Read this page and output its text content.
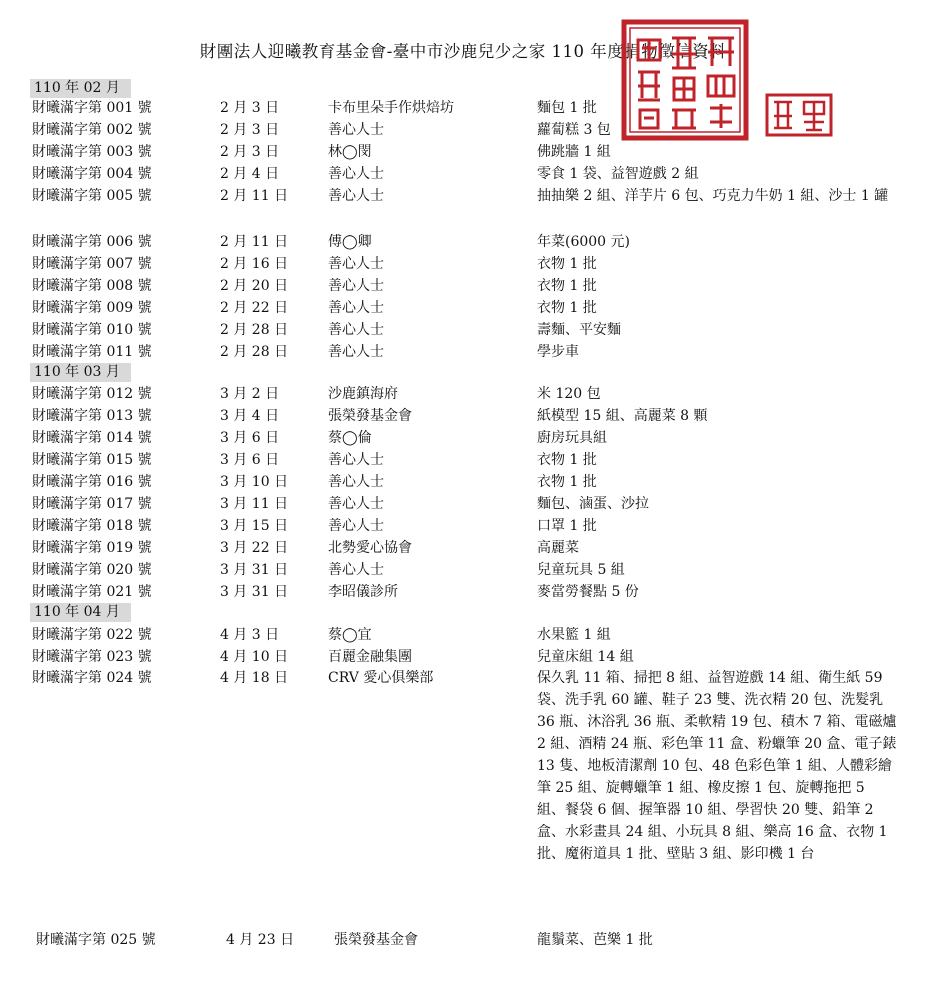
財團法人迎曦教育基金會-臺中市沙鹿兒少之家 110 年度捐物徵信資料
110 年 02 月
財曦滿字第 001 號	2 月 3 日	卡布里朵手作烘焙坊	麵包 1 批
財曦滿字第 002 號	2 月 3 日	善心人士	蘿蔔糕 3 包
財曦滿字第 003 號	2 月 3 日	林◯閔	佛跳牆 1 組
財曦滿字第 004 號	2 月 4 日	善心人士	零食 1 袋、益智遊戲 2 組
財曦滿字第 005 號	2 月 11 日	善心人士	抽抽樂 2 組、洋芋片 6 包、巧克力牛奶 1 組、沙士 1 罐
財曦滿字第 006 號	2 月 11 日	傅◯卿	年菜(6000 元)
財曦滿字第 007 號	2 月 16 日	善心人士	衣物 1 批
財曦滿字第 008 號	2 月 20 日	善心人士	衣物 1 批
財曦滿字第 009 號	2 月 22 日	善心人士	衣物 1 批
財曦滿字第 010 號	2 月 28 日	善心人士	壽麵、平安麵
財曦滿字第 011 號	2 月 28 日	善心人士	學步車
110 年 03 月
財曦滿字第 012 號	3 月 2 日	沙鹿鎮海府	米 120 包
財曦滿字第 013 號	3 月 4 日	張榮發基金會	紙模型 15 組、高麗菜 8 顆
財曦滿字第 014 號	3 月 6 日	蔡◯倫	廚房玩具組
財曦滿字第 015 號	3 月 6 日	善心人士	衣物 1 批
財曦滿字第 016 號	3 月 10 日	善心人士	衣物 1 批
財曦滿字第 017 號	3 月 11 日	善心人士	麵包、滷蛋、沙拉
財曦滿字第 018 號	3 月 15 日	善心人士	口罩 1 批
財曦滿字第 019 號	3 月 22 日	北勢愛心協會	高麗菜
財曦滿字第 020 號	3 月 31 日	善心人士	兒童玩具 5 組
財曦滿字第 021 號	3 月 31 日	李昭儀診所	麥當勞餐點 5 份
110 年 04 月
財曦滿字第 022 號	4 月 3 日	蔡◯宜	水果籃 1 組
財曦滿字第 023 號	4 月 10 日	百麗金融集團	兒童床組 14 組
財曦滿字第 024 號	4 月 18 日	CRV 愛心俱樂部	保久乳 11 箱、掃把 8 組、益智遊戲 14 組、衛生紙 59 袋、洗手乳 60 罐、鞋子 23 雙、洗衣精 20 包、洗髮乳 36 瓶、沐浴乳 36 瓶、柔軟精 19 包、積木 7 箱、電磁爐 2 組、酒精 24 瓶、彩色筆 11 盒、粉蠟筆 20 盒、電子錶 13 隻、地板清潔劑 10 包、48 色彩色筆 1 組、人體彩繪筆 25 組、旋轉蠟筆 1 組、橡皮擦 1 包、旋轉拖把 5 組、餐袋 6 個、握筆器 10 組、學習快 20 雙、鉛筆 2 盒、水彩畫具 24 組、小玩具 8 組、樂高 16 盒、衣物 1 批、魔術道具 1 批、壁貼 3 組、影印機 1 台
財曦滿字第 025 號	4 月 23 日	張榮發基金會	龍鬚菜、芭樂 1 批
